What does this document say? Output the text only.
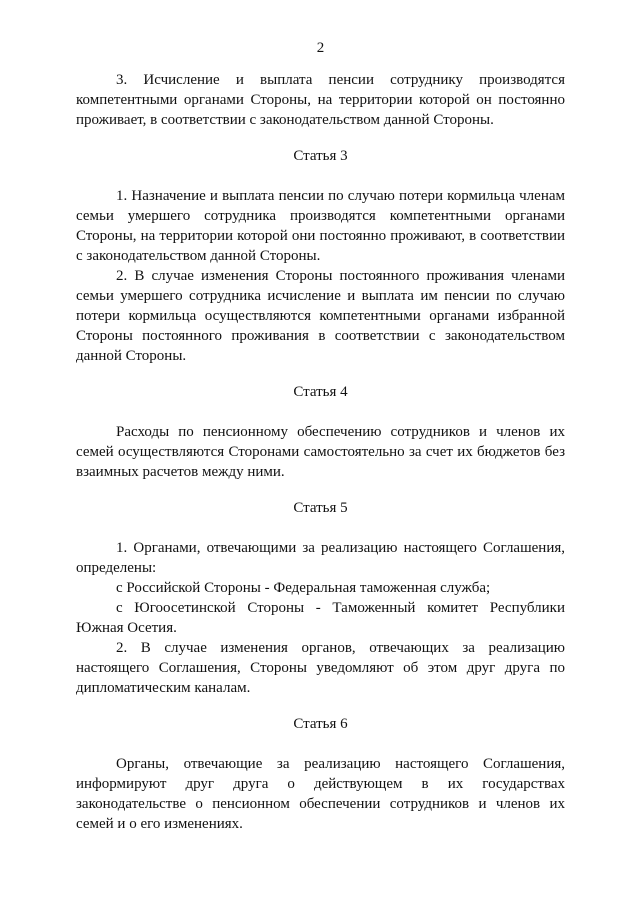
2

3. Исчисление и выплата пенсии сотруднику производятся компетентными органами Стороны, на территории которой он постоянно проживает, в соответствии с законодательством данной Стороны.

Статья 3

1. Назначение и выплата пенсии по случаю потери кормильца членам семьи умершего сотрудника производятся компетентными органами Стороны, на территории которой они постоянно проживают, в соответствии с законодательством данной Стороны.

2. В случае изменения Стороны постоянного проживания членами семьи умершего сотрудника исчисление и выплата им пенсии по случаю потери кормильца осуществляются компетентными органами избранной Стороны постоянного проживания в соответствии с законодательством данной Стороны.

Статья 4

Расходы по пенсионному обеспечению сотрудников и членов их семей осуществляются Сторонами самостоятельно за счет их бюджетов без взаимных расчетов между ними.

Статья 5

1. Органами, отвечающими за реализацию настоящего Соглашения, определены:

с Российской Стороны - Федеральная таможенная служба;

с Югоосетинской Стороны - Таможенный комитет Республики Южная Осетия.

2. В случае изменения органов, отвечающих за реализацию настоящего Соглашения, Стороны уведомляют об этом друг друга по дипломатическим каналам.

Статья 6

Органы, отвечающие за реализацию настоящего Соглашения, информируют друг друга о действующем в их государствах законодательстве о пенсионном обеспечении сотрудников и членов их семей и о его изменениях.
